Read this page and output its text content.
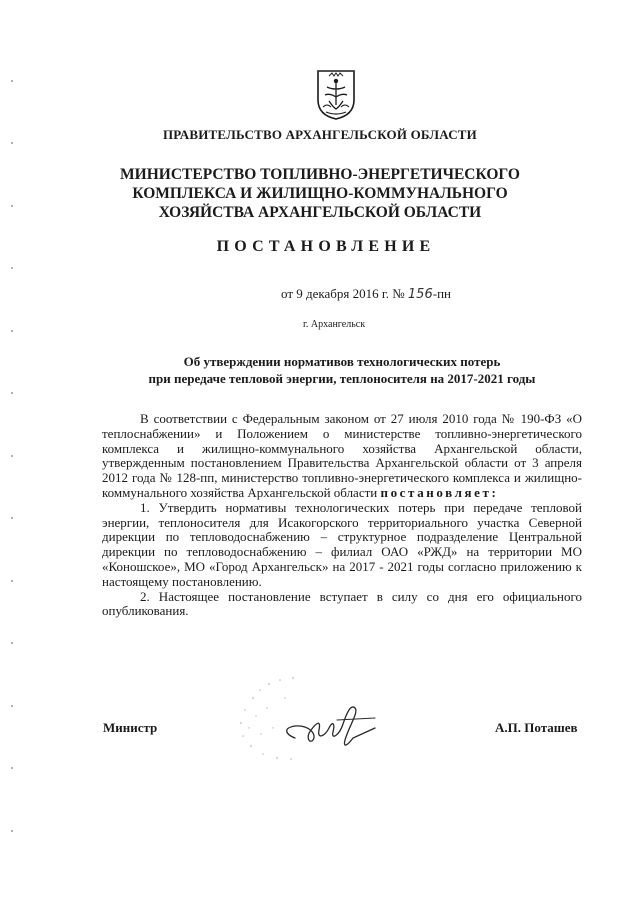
ПРАВИТЕЛЬСТВО АРХАНГЕЛЬСКОЙ ОБЛАСТИ
МИНИСТЕРСТВО ТОПЛИВНО-ЭНЕРГЕТИЧЕСКОГО
КОМПЛЕКСА И ЖИЛИЩНО-КОММУНАЛЬНОГО
ХОЗЯЙСТВА АРХАНГЕЛЬСКОЙ ОБЛАСТИ
ПОСТАНОВЛЕНИЕ
от 9 декабря 2016 г. № 156-пн
г. Архангельск
Об утверждении нормативов технологических потерь
при передаче тепловой энергии, теплоносителя на 2017-2021 годы

В соответствии с Федеральным законом от 27 июля 2010 года № 190-ФЗ «О теплоснабжении» и Положением о министерстве топливно-энергетического комплекса и жилищно-коммунального хозяйства Архангельской области, утвержденным постановлением Правительства Архангельской области от 3 апреля 2012 года № 128-пп, министерство топливно-энергетического комплекса и жилищно-коммунального хозяйства Архангельской области постановляет:

1. Утвердить нормативы технологических потерь при передаче тепловой энергии, теплоносителя для Исакогорского территориального участка Северной дирекции по тепловодоснабжению – структурное подразделение Центральной дирекции по тепловодоснабжению – филиал ОАО «РЖД» на территории МО «Коношское», МО «Город Архангельск» на 2017 - 2021 годы согласно приложению к настоящему постановлению.

2. Настоящее постановление вступает в силу со дня его официального опубликования.

Министр	А.П. Поташев
